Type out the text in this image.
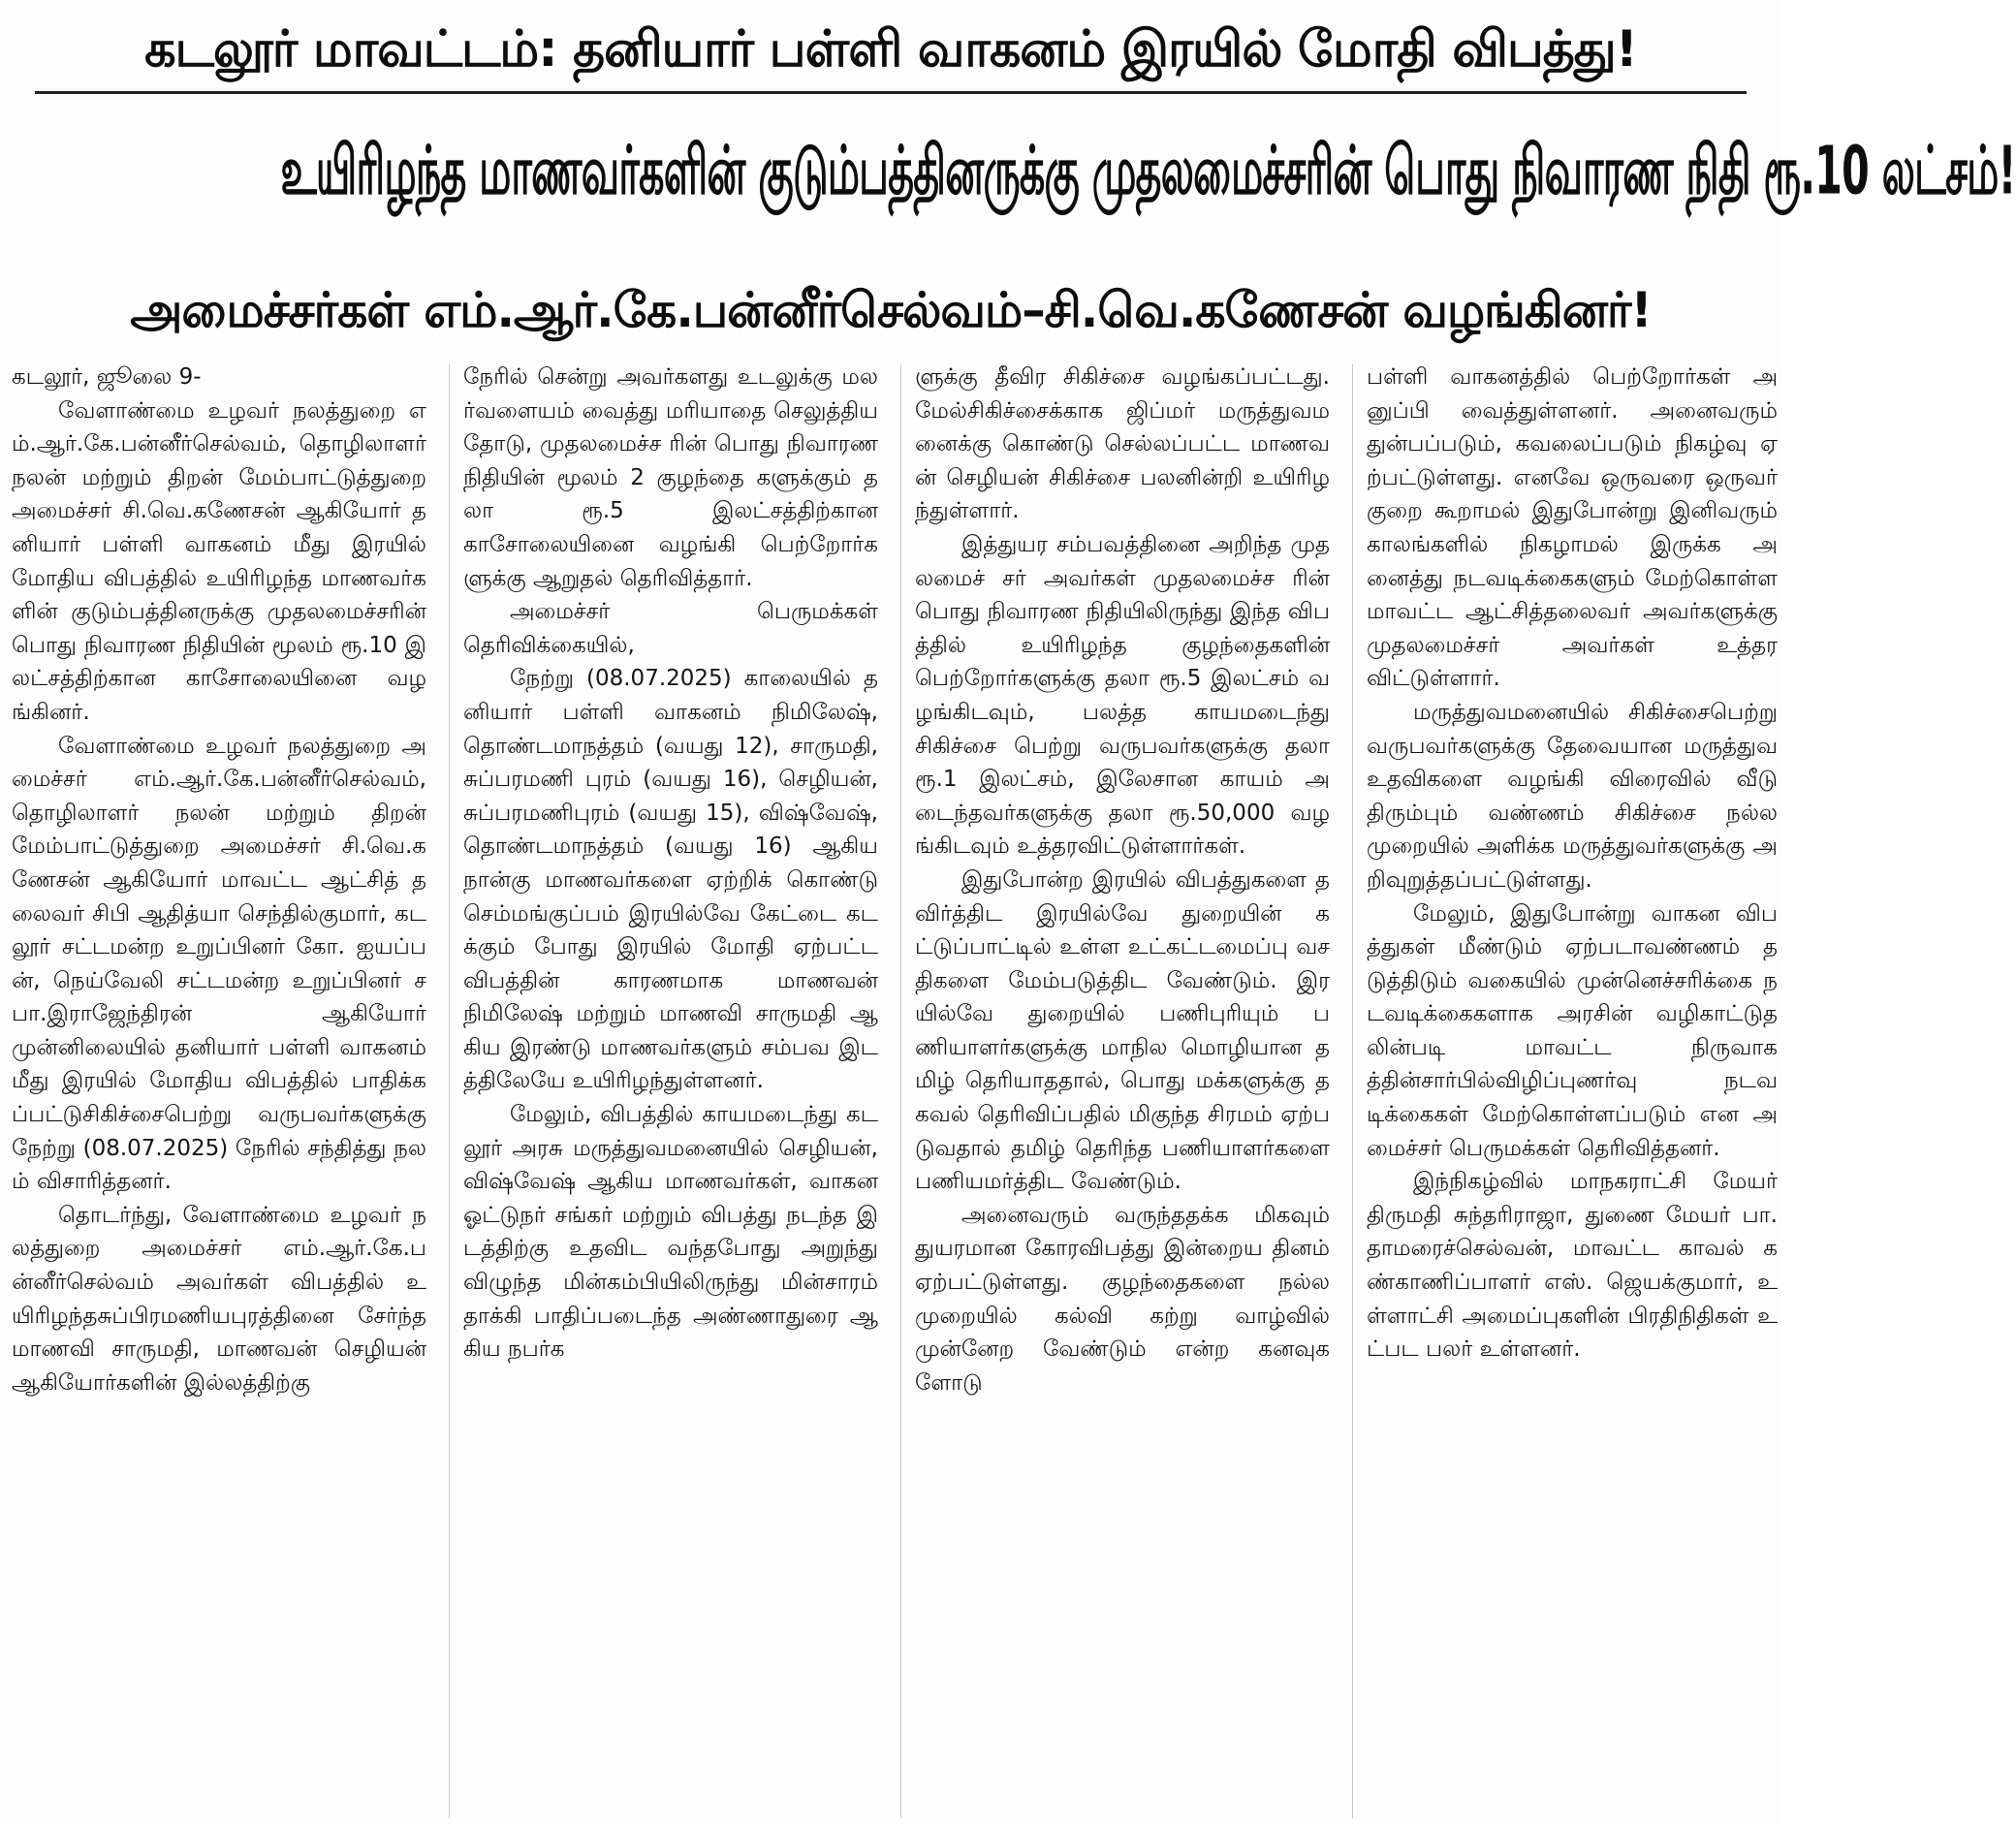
கடலூர் மாவட்டம்: தனியார் பள்ளி வாகனம் இரயில் மோதி விபத்து!
உயிரிழந்த மாணவர்களின் குடும்பத்தினருக்கு முதலமைச்சரின் பொது நிவாரண நிதி ரூ.10 லட்சம்!
அமைச்சர்கள் எம்.ஆர்.கே.பன்னீர்செல்வம்–சி.வெ.கணேசன் வழங்கினர்!

கடலூர், ஜூலை 9-

வேளாண்மை உழவர் நலத்துறை எம்.ஆர்.கே.பன்னீர்செல்வம், தொழிலாளர் நலன் மற்றும் திறன் மேம்பாட்டுத்துறை அமைச்சர் சி.வெ.கணேசன் ஆகியோர் தனியார் பள்ளி வாகனம் மீது இரயில் மோதிய விபத்தில் உயிரிழந்த மாணவர்களின் குடும்பத்தினருக்கு முதலமைச்சரின் பொது நிவாரண நிதியின் மூலம் ரூ.10 இலட்சத்திற்கான காசோலையினை வழங்கினர்.

வேளாண்மை உழவர் நலத்துறை அமைச்சர் எம்.ஆர்.கே.பன்னீர்செல்வம், தொழிலாளர் நலன் மற்றும் திறன் மேம்பாட்டுத்துறை அமைச்சர் சி.வெ.கணேசன் ஆகியோர் மாவட்ட ஆட்சித் தலைவர் சிபி ஆதித்யா செந்தில்குமார், கடலூர் சட்டமன்ற உறுப்பினர் கோ. ஐயப்பன், நெய்வேலி சட்டமன்ற உறுப்பினர் சபா.இராஜேந்திரன் ஆகியோர் முன்னிலையில் தனியார் பள்ளி வாகனம் மீது இரயில் மோதிய விபத்தில் பாதிக்கப்பட்டுசிகிச்சைபெற்று வருபவர்களுக்கு நேற்று (08.07.2025) நேரில் சந்தித்து நலம் விசாரித்தனர்.

தொடர்ந்து, வேளாண்மை உழவர் நலத்துறை அமைச்சர் எம்.ஆர்.கே.பன்னீர்செல்வம் அவர்கள் விபத்தில் உயிரிழந்தசுப்பிரமணியபுரத்தினை சேர்ந்த மாணவி சாருமதி, மாணவன் செழியன் ஆகியோர்களின் இல்லத்திற்கு

நேரில் சென்று அவர்களது உடலுக்கு மலர்வளையம் வைத்து மரியாதை செலுத்தியதோடு, முதலமைச்ச ரின் பொது நிவாரண நிதியின் மூலம் 2 குழந்தை களுக்கும் தலா ரூ.5 இலட்சத்திற்கான காசோலையினை வழங்கி பெற்றோர்களுக்கு ஆறுதல் தெரிவித்தார்.

அமைச்சர் பெருமக்கள் தெரிவிக்கையில்,

நேற்று (08.07.2025) காலையில் தனியார் பள்ளி வாகனம் நிமிலேஷ், தொண்டமாநத்தம் (வயது 12), சாருமதி, சுப்பரமணி புரம் (வயது 16), செழியன், சுப்பரமணிபுரம் (வயது 15), விஷ்வேஷ், தொண்டமாநத்தம் (வயது 16) ஆகிய நான்கு மாணவர்களை ஏற்றிக் கொண்டு செம்மங்குப்பம் இரயில்வே கேட்டை கடக்கும் போது இரயில் மோதி ஏற்பட்ட விபத்தின் காரணமாக மாணவன் நிமிலேஷ் மற்றும் மாணவி சாருமதி ஆகிய இரண்டு மாணவர்களும் சம்பவ இடத்திலேயே உயிரிழந்துள்ளனர்.

மேலும், விபத்தில் காயமடைந்து கடலூர் அரசு மருத்துவமனையில் செழியன், விஷ்வேஷ் ஆகிய மாணவர்கள், வாகன ஓட்டுநர் சங்கர் மற்றும் விபத்து நடந்த இடத்திற்கு உதவிட வந்தபோது அறுந்து விழுந்த மின்கம்பியிலிருந்து மின்சாரம் தாக்கி பாதிப்படைந்த அண்ணாதுரை ஆகிய நபர்க

ளுக்கு தீவிர சிகிச்சை வழங்கப்பட்டது. மேல்சிகிச்சைக்காக ஜிப்மர் மருத்துவமனைக்கு கொண்டு செல்லப்பட்ட மாணவன் செழியன் சிகிச்சை பலனின்றி உயிரிழந்துள்ளார்.

இத்துயர சம்பவத்தினை அறிந்த முதலமைச் சர் அவர்கள் முதலமைச்ச ரின் பொது நிவாரண நிதியிலிருந்து இந்த விபத்தில் உயிரிழந்த குழந்தைகளின் பெற்றோர்களுக்கு தலா ரூ.5 இலட்சம் வழங்கிடவும், பலத்த காயமடைந்து சிகிச்சை பெற்று வருபவர்களுக்கு தலா ரூ.1 இலட்சம், இலேசான காயம் அடைந்தவர்களுக்கு தலா ரூ.50,000 வழங்கிடவும் உத்தரவிட்டுள்ளார்கள்.

இதுபோன்ற இரயில் விபத்துகளை தவிர்த்திட இரயில்வே துறையின் கட்டுப்பாட்டில் உள்ள உட்கட்டமைப்பு வசதிகளை மேம்படுத்திட வேண்டும். இரயில்வே துறையில் பணிபுரியும் பணியாளர்களுக்கு மாநில மொழியான தமிழ் தெரியாததால், பொது மக்களுக்கு தகவல் தெரிவிப்பதில் மிகுந்த சிரமம் ஏற்படுவதால் தமிழ் தெரிந்த பணியாளர்களை பணியமர்த்திட வேண்டும்.

அனைவரும் வருந்ததக்க மிகவும் துயரமான கோரவிபத்து இன்றைய தினம் ஏற்பட்டுள்ளது. குழந்தைகளை நல்ல முறையில் கல்வி கற்று வாழ்வில் முன்னேற வேண்டும் என்ற கனவுகளோடு

பள்ளி வாகனத்தில் பெற்றோர்கள் அனுப்பி வைத்துள்ளனர். அனைவரும் துன்பப்படும், கவலைப்படும் நிகழ்வு ஏற்பட்டுள்ளது. எனவே ஒருவரை ஒருவர் குறை கூறாமல் இதுபோன்று இனிவரும் காலங்களில் நிகழாமல் இருக்க அனைத்து நடவடிக்கைகளும் மேற்கொள்ள மாவட்ட ஆட்சித்தலைவர் அவர்களுக்கு முதலமைச்சர் அவர்கள் உத்தரவிட்டுள்ளார்.

மருத்துவமனையில் சிகிச்சைபெற்று வருபவர்களுக்கு தேவையான மருத்துவ உதவிகளை வழங்கி விரைவில் வீடு திரும்பும் வண்ணம் சிகிச்சை நல்ல முறையில் அளிக்க மருத்துவர்களுக்கு அறிவுறுத்தப்பட்டுள்ளது.

மேலும், இதுபோன்று வாகன விபத்துகள் மீண்டும் ஏற்படாவண்ணம் தடுத்திடும் வகையில் முன்னெச்சரிக்கை நடவடிக்கைகளாக அரசின் வழிகாட்டுதலின்படி மாவட்ட நிருவாகத்தின்சார்பில்விழிப்புணர்வு நடவடிக்கைகள் மேற்கொள்ளப்படும் என அமைச்சர் பெருமக்கள் தெரிவித்தனர்.

இந்நிகழ்வில் மாநகராட்சி மேயர் திருமதி சுந்தரிராஜா, துணை மேயர் பா.தாமரைச்செல்வன், மாவட்ட காவல் கண்காணிப்பாளர் எஸ். ஜெயக்குமார், உள்ளாட்சி அமைப்புகளின் பிரதிநிதிகள் உட்பட பலர் உள்ளனர்.
